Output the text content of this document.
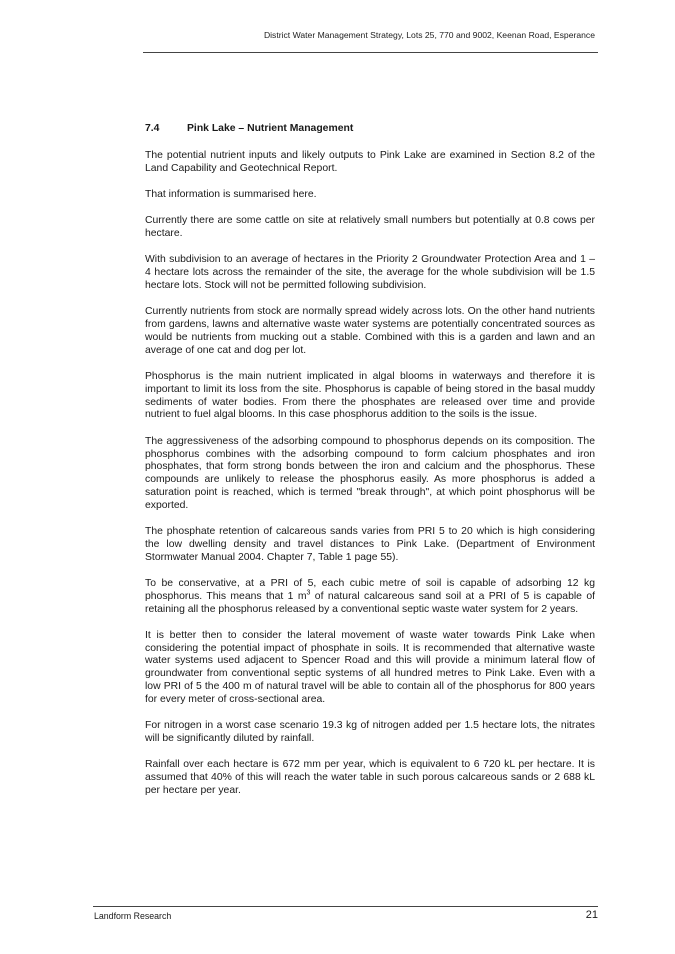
District Water Management Strategy, Lots 25, 770 and 9002, Keenan Road, Esperance
7.4	Pink Lake – Nutrient Management

The potential nutrient inputs and likely outputs to Pink Lake are examined in Section 8.2 of the Land Capability and Geotechnical Report.

That information is summarised here.

Currently there are some cattle on site at relatively small numbers but potentially at 0.8 cows per hectare.

With subdivision to an average of hectares in the Priority 2 Groundwater Protection Area and 1 – 4 hectare lots across the remainder of the site, the average for the whole subdivision will be 1.5 hectare lots. Stock will not be permitted following subdivision.

Currently nutrients from stock are normally spread widely across lots. On the other hand nutrients from gardens, lawns and alternative waste water systems are potentially concentrated sources as would be nutrients from mucking out a stable. Combined with this is a garden and lawn and an average of one cat and dog per lot.

Phosphorus is the main nutrient implicated in algal blooms in waterways and therefore it is important to limit its loss from the site. Phosphorus is capable of being stored in the basal muddy sediments of water bodies. From there the phosphates are released over time and provide nutrient to fuel algal blooms. In this case phosphorus addition to the soils is the issue.

The aggressiveness of the adsorbing compound to phosphorus depends on its composition. The phosphorus combines with the adsorbing compound to form calcium phosphates and iron phosphates, that form strong bonds between the iron and calcium and the phosphorus. These compounds are unlikely to release the phosphorus easily. As more phosphorus is added a saturation point is reached, which is termed "break through", at which point phosphorus will be exported.

The phosphate retention of calcareous sands varies from PRI 5 to 20 which is high considering the low dwelling density and travel distances to Pink Lake. (Department of Environment Stormwater Manual 2004. Chapter 7, Table 1 page 55).

To be conservative, at a PRI of 5, each cubic metre of soil is capable of adsorbing 12 kg phosphorus. This means that 1 $m^3$ of natural calcareous sand soil at a PRI of 5 is capable of retaining all the phosphorus released by a conventional septic waste water system for 2 years.

It is better then to consider the lateral movement of waste water towards Pink Lake when considering the potential impact of phosphate in soils. It is recommended that alternative waste water systems used adjacent to Spencer Road and this will provide a minimum lateral flow of groundwater from conventional septic systems of all hundred metres to Pink Lake. Even with a low PRI of 5 the 400 m of natural travel will be able to contain all of the phosphorus for 800 years for every meter of cross-sectional area.

For nitrogen in a worst case scenario 19.3 kg of nitrogen added per 1.5 hectare lots, the nitrates will be significantly diluted by rainfall.

Rainfall over each hectare is 672 mm per year, which is equivalent to 6 720 kL per hectare. It is assumed that 40% of this will reach the water table in such porous calcareous sands or 2 688 kL per hectare per year.

Landform Research	21
